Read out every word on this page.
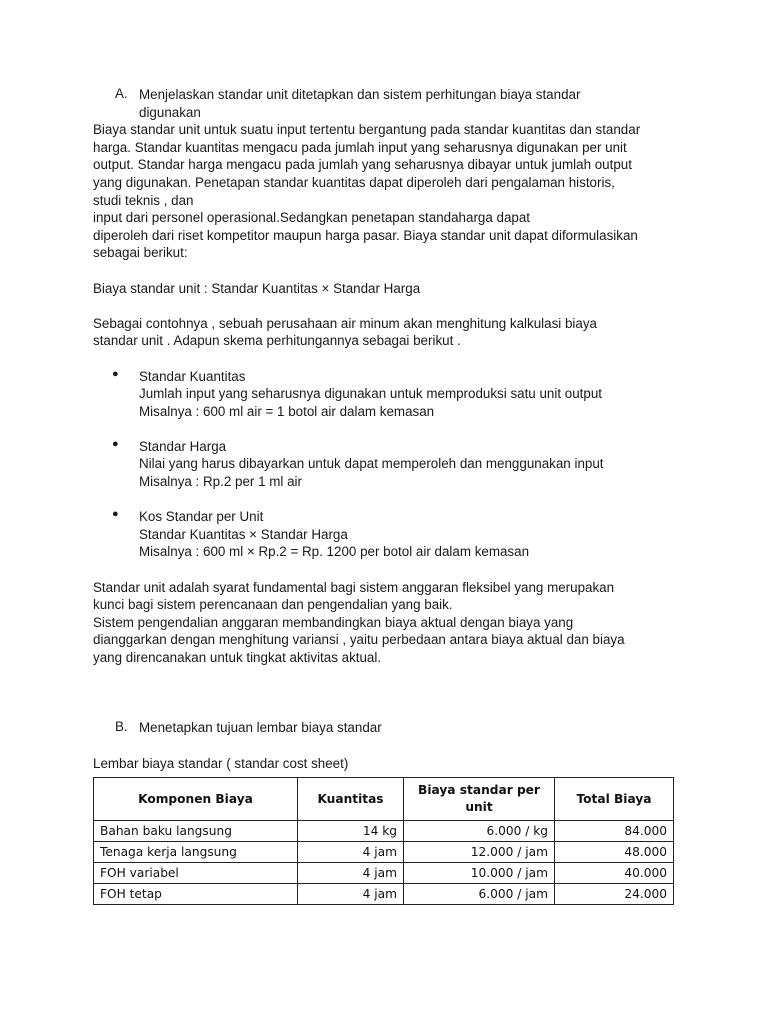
A. Menjelaskan standar unit ditetapkan dan sistem perhitungan biaya standar

digunakan

Biaya standar unit untuk suatu input tertentu bergantung pada standar kuantitas dan standar

harga. Standar kuantitas mengacu pada jumlah input yang seharusnya digunakan per unit

output. Standar harga mengacu pada jumlah yang seharusnya dibayar untuk jumlah output

yang digunakan. Penetapan standar kuantitas dapat diperoleh dari pengalaman historis,

studi teknis , dan

input dari personel operasional.Sedangkan penetapan standaharga dapat

diperoleh dari riset kompetitor maupun harga pasar. Biaya standar unit dapat diformulasikan

sebagai berikut:

Biaya standar unit : Standar Kuantitas × Standar Harga

Sebagai contohnya , sebuah perusahaan air minum akan menghitung kalkulasi biaya

standar unit . Adapun skema perhitungannya sebagai berikut .

● Standar Kuantitas

Jumlah input yang seharusnya digunakan untuk memproduksi satu unit output

Misalnya : 600 ml air = 1 botol air dalam kemasan

● Standar Harga

Nilai yang harus dibayarkan untuk dapat memperoleh dan menggunakan input

Misalnya : Rp.2 per 1 ml air

● Kos Standar per Unit

Standar Kuantitas × Standar Harga

Misalnya : 600 ml × Rp.2 = Rp. 1200 per botol air dalam kemasan

Standar unit adalah syarat fundamental bagi sistem anggaran fleksibel yang merupakan

kunci bagi sistem perencanaan dan pengendalian yang baik.

Sistem pengendalian anggaran membandingkan biaya aktual dengan biaya yang

dianggarkan dengan menghitung variansi , yaitu perbedaan antara biaya aktual dan biaya

yang direncanakan untuk tingkat aktivitas aktual.

B. Menetapkan tujuan lembar biaya standar

Lembar biaya standar ( standar cost sheet)

Komponen Biaya	Kuantitas	Biaya standar per unit	Total Biaya
Bahan baku langsung	14 kg	6.000 / kg	84.000
Tenaga kerja langsung	4 jam	12.000 / jam	48.000
FOH variabel	4 jam	10.000 / jam	40.000
FOH tetap	4 jam	6.000 / jam	24.000
